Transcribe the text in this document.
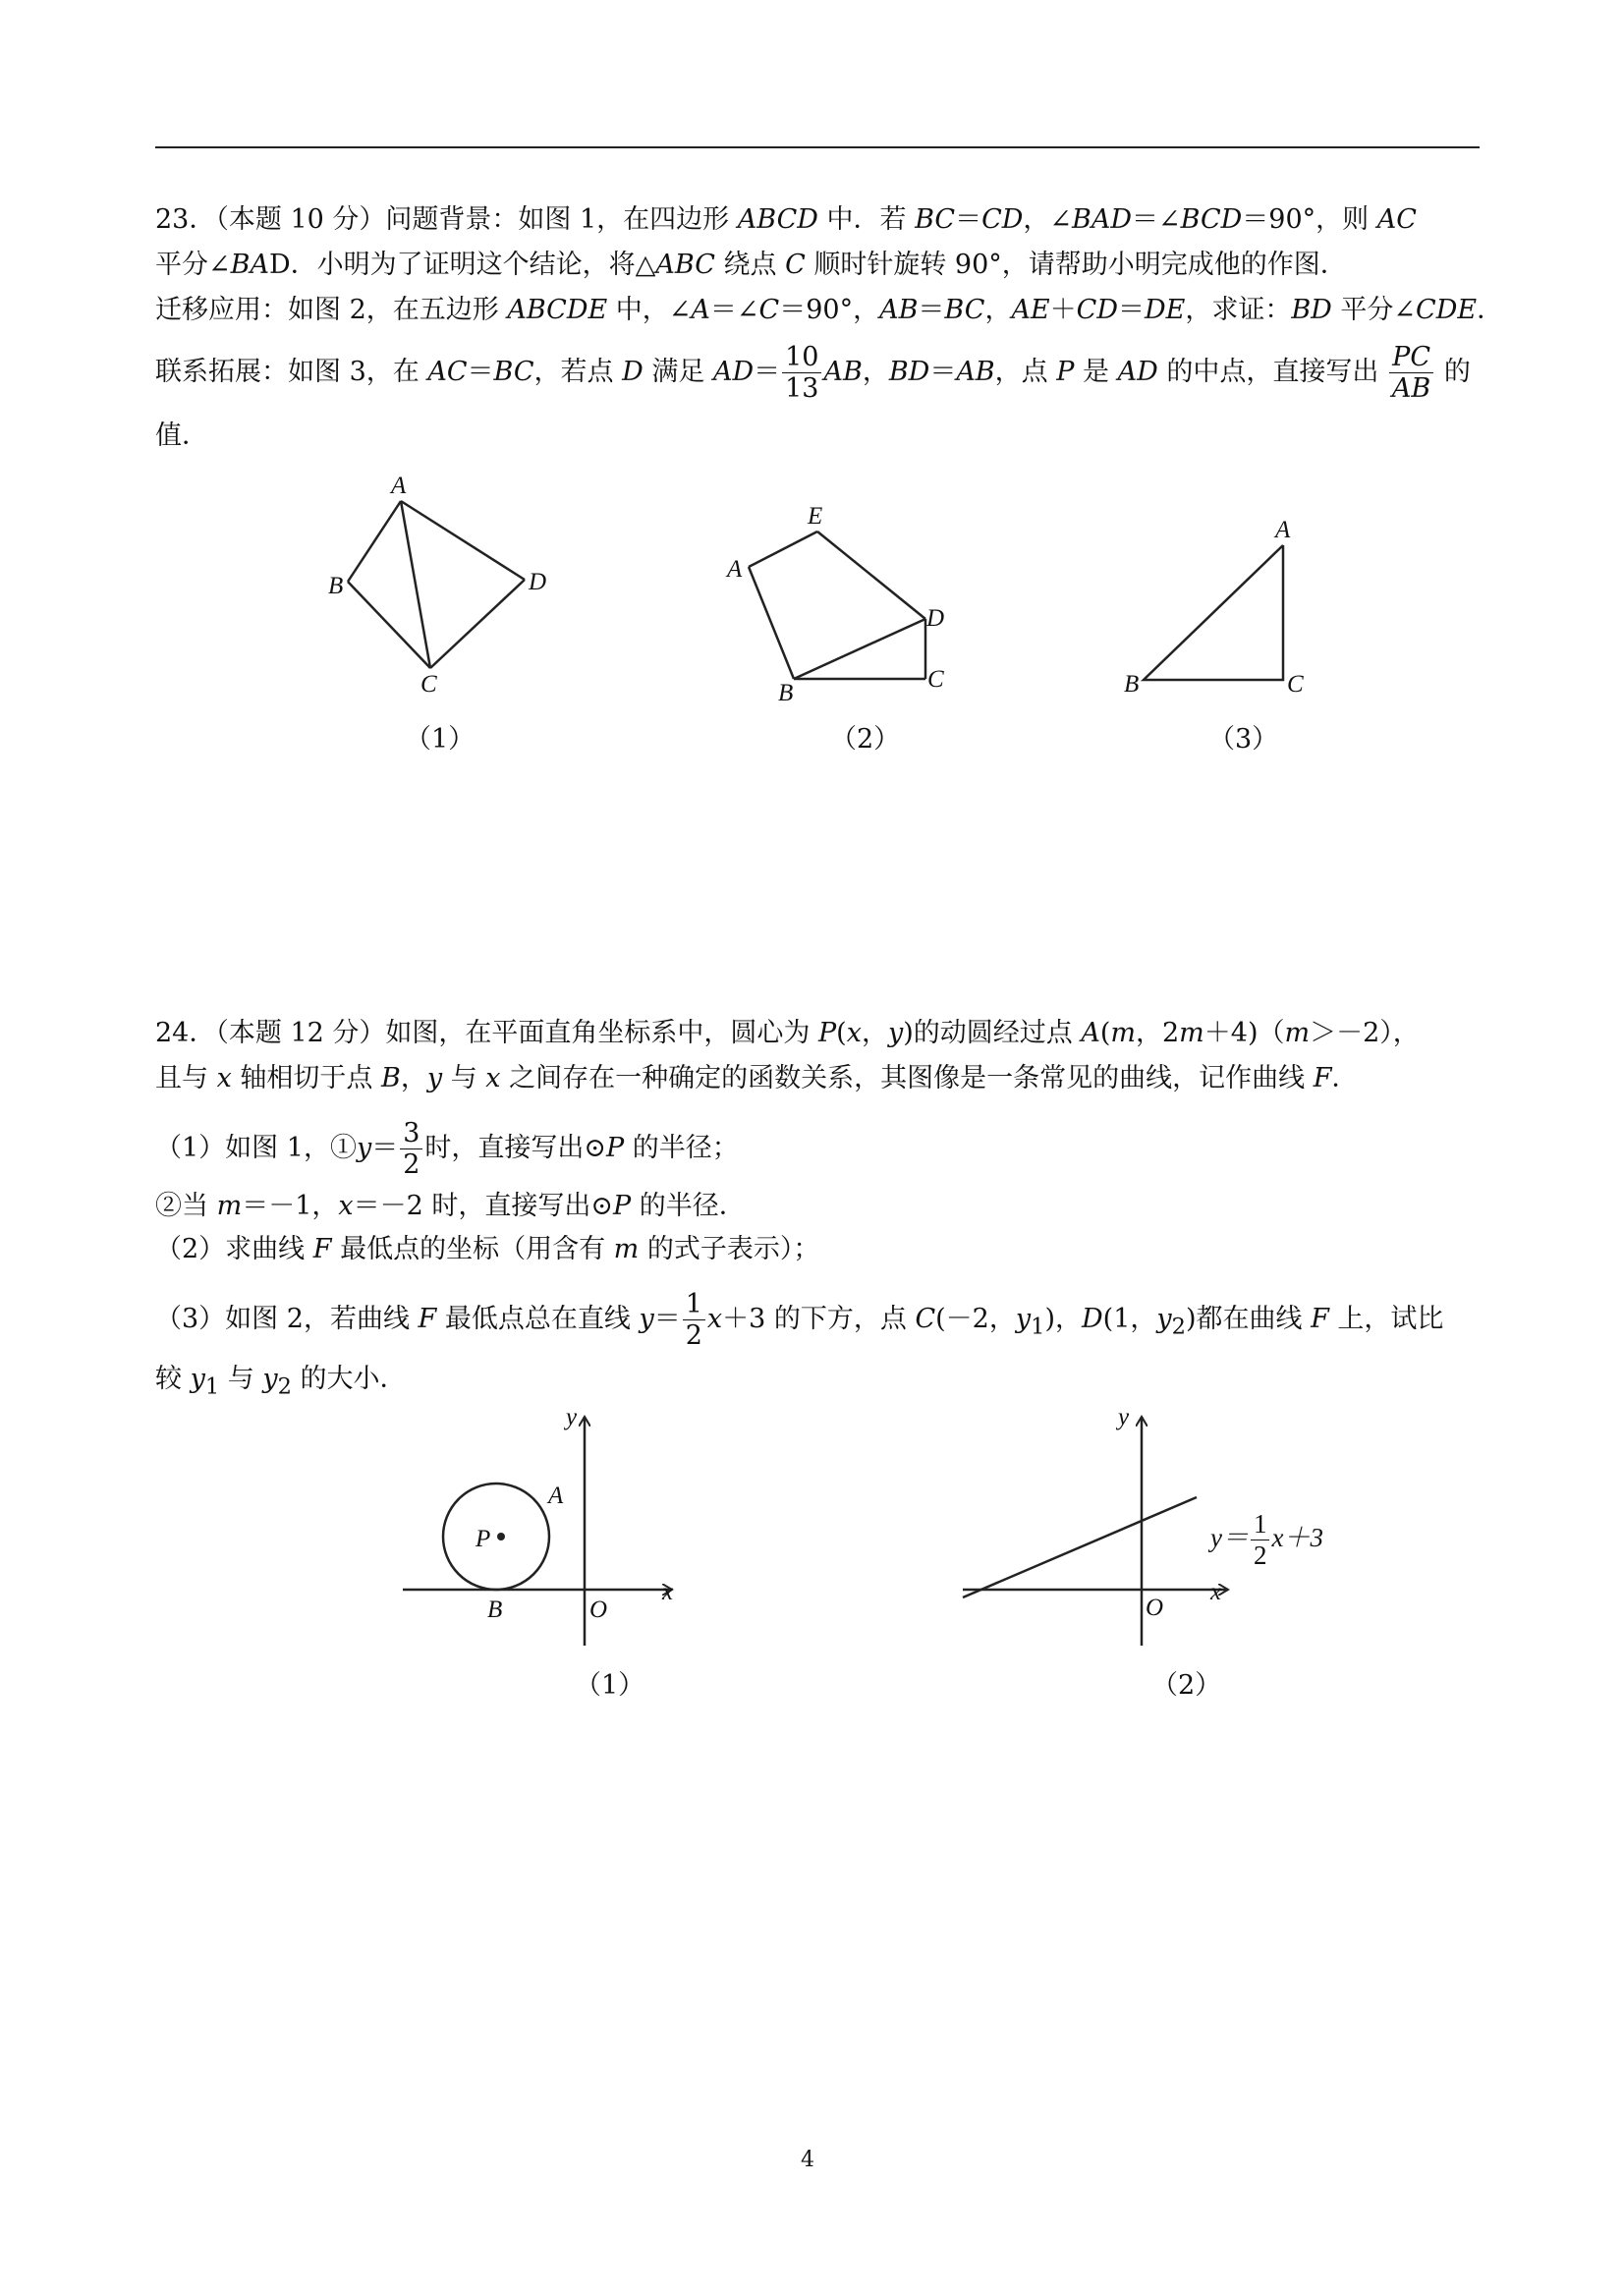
23．（本题 10 分）问题背景：如图 1，在四边形 ABCD 中．若 BC＝CD，∠BAD＝∠BCD＝90°，则 AC
平分∠BAD．小明为了证明这个结论，将△ABC 绕点 C 顺时针旋转 90°，请帮助小明完成他的作图．
迁移应用：如图 2，在五边形 ABCDE 中，∠A＝∠C＝90°，AB＝BC，AE＋CD＝DE，求证：BD 平分∠CDE．
联系拓展：如图 3，在 AC＝BC，若点 D 满足 $AD= \frac{10}{13}$ AB，BD＝AB，点 P 是 AD 的中点，直接写出 $\frac{PC}{AB}$ 的
值．
A
B
C
D
（1）
E
A
D
B
C
（2）
A
B	C
（3）
24．（本题 12 分）如图，在平面直角坐标系中，圆心为 P(x，y)的动圆经过点 A(m，2m＋4)（m＞－2），
且与 x 轴相切于点 B，y 与 x 之间存在一种确定的函数关系，其图像是一条常见的曲线，记作曲线 F．
（1）如图 1，①y＝ $\frac{3}{2}$ 时，直接写出⊙P 的半径；
②当 m＝－1，x＝－2 时，直接写出⊙P 的半径．
（2）求曲线 F 最低点的坐标（用含有 m 的式子表示）；
（3）如图 2，若曲线 F 最低点总在直线 $y= \frac{1}{2} x+3$ 的下方，点 C(－2，$y_1$)，D(1，$y_2$)都在曲线 F 上，试比
较 $y_1$ 与 $y_2$ 的大小．
y
A
P
x
B	O
（1）
y
x
O
$y= \frac{1}{2} x+3$
（2）
4
